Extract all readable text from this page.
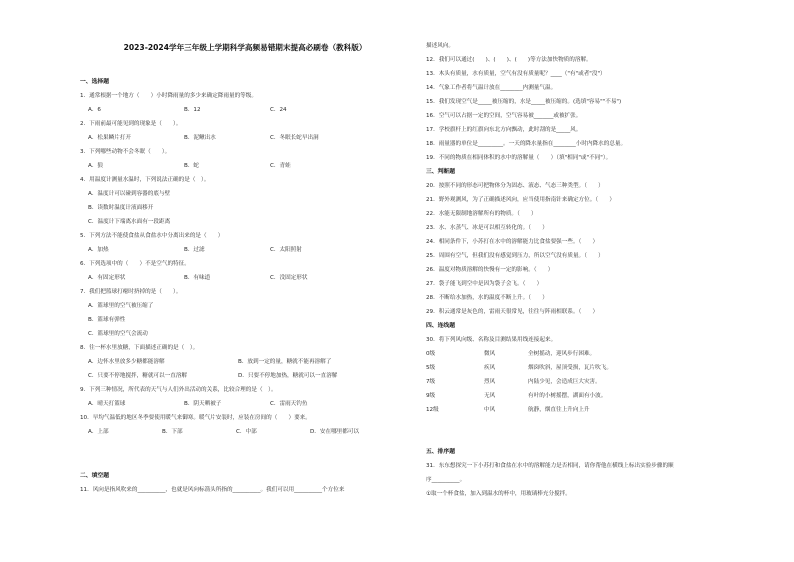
2023-2024学年三年级上学期科学高频易错期末提高必刷卷（教科版）
一、选择题
1．通常根据一个地方（　　）小时降雨量的多少来确定降雨量的等级。
A．6	B．12	C．24
2．下雨前最可能见到的现象是（　　）。
A．松果鳞片打开	B．泥鳅出水	C．冬眠长蛇早出洞
3．下列哪些动物不会冬眠（　　）。
A．狼	B．蛇	C．青蛙
4．用温度计测量水温时，下列说法正确的是（　）。
A．温度计可以碰到容器的底与壁
B．读数时温度计液面移开
C．温度计下端离水面有一段距离
5．下列方法不能使食盐从食盐水中分离出来的是（　　）
A．加热	B．过滤	C．太阳照射
6．下列选项中的（　　）不是空气的特征。
A．有固定形状	B．有味道	C．没固定形状
7．我们把篮球打瘪时挤掉的是（　　）。
A．篮球里的空气被压缩了
B．篮球有弹性
C．篮球里的空气会流动
8．往一杯水里放糖，下面描述正确的是（　）。
A．边怀水里放多少糖都能溶解	B．放到一定的量，糖就不能再溶解了
C．只要不停地搅拌，糖就可以一直溶解	D．只要不停地加热，糖就可以一直溶解
9．下列三种情况，所代表的天气与人们外出活动的关系，比较合理的是（　）。
A．晴天打篮球	B．阴天晒被子	C．雷雨天钓鱼
10．早均气温低的地区冬季要使用暖气来御寒。暖气片安装时，应装在房间的（　　）要来。
A．上部	B．下部	C．中部	D．安在哪里都可以
二、填空题
11．风向是指风吹来的__________，也就是风向标箭头所指的__________。我们可以用__________个方位来
描述风向。
12．我们可以通过(　　)、(　　)、(　　)等方法加快物质的溶解。
13．木头有质量，水有质量，空气有没有质量呢？____（"有"或者"没"）
14．气象工作者将气温计放在________内测量气温。
15．我们发现空气是_____被压缩的，水是_____被压缩的。(选填"容易""不易")
16．空气可以占据一定的空间，空气容易被_______或被扩张。
17．学校旗杆上的红旗向东北方向飘动，此时刮的是_____风。
18．雨量器的单位是_________。一天的降水量指在________小时内降水的总量。
19．不同的物质在相同体积的水中的溶解量（　　）（填"相同"或"不同"）。
三、判断题
20．按照不同的形态可把物体分为固态、液态、气态三种类型。（　　）
21．野外观测风，为了正确描述风向，应当使用指南针来确定方位。（　　）
22．水能无限制地溶解所有的物质。（　　）
23．水、水蒸气、冰是可以相互转化的。（　　）
24．相同条件下，小苏打在水中的溶解能力比食盐要强一些。（　　）
25．周围有空气，但我们没有感觉到压力，所以空气没有质量。（　　）
26．温度对物质溶解的快慢有一定的影响。（　　）
27．袋子能飞到空中是因为袋子会飞。（　　）
28．不断给水加热，水的温度不断上升。（　　）
29．积云通常是灰色的，雷雨天很常见，往往与阵雨相联系。（　　）
四、连线题
30．将下列风向级、名称及目测结果用线连接起来。
0级	微风	全树摇动，迎风步行困难。
5级	疾风	烟囱吹斜，屋顶受损，瓦片吹飞。
7级	烈风	内陆少见，会造成巨大灾害。
9级	无风	有叶的小树摇摆，湖面有小波。
12级	中风	航静，烟直往上升向上升
五、排序题
31．东东想探究一下小苏打和食盐在水中的溶解能力是否相同，请你帮他在横线上标出实验步骤的顺
序__________。
①取一个杯食盐，加入到温水的杯中，用玻璃棒充分搅拌。
